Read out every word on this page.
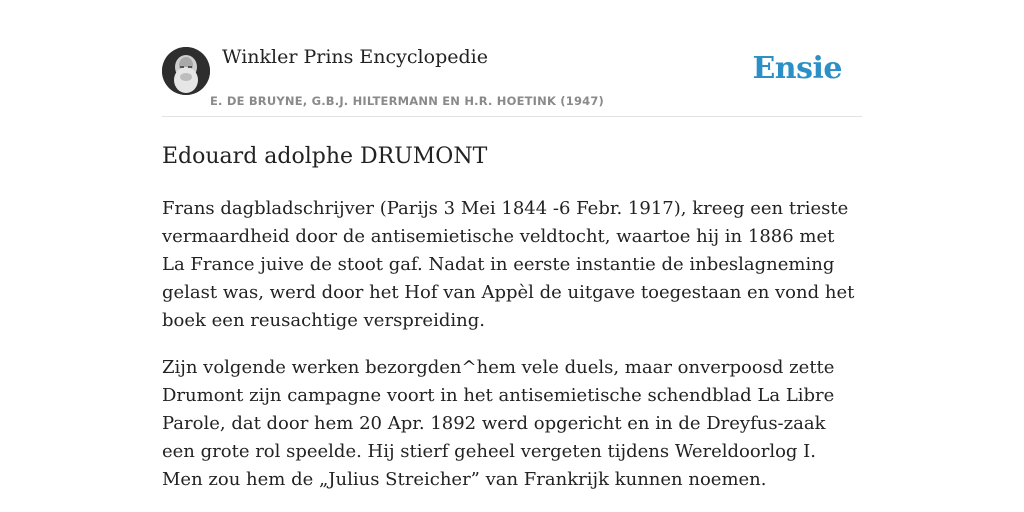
Winkler Prins Encyclopedie
E. DE BRUYNE, G.B.J. HILTERMANN EN H.R. HOETINK (1947)
Ensie
Edouard adolphe DRUMONT

Frans dagbladschrijver (Parijs 3 Mei 1844 -6 Febr. 1917), kreeg een trieste vermaardheid door de antisemietische veldtocht, waartoe hij in 1886 met La France juive de stoot gaf. Nadat in eerste instantie de inbeslagneming gelast was, werd door het Hof van Appèl de uitgave toegestaan en vond het boek een reusachtige verspreiding.

Zijn volgende werken bezorgden^hem vele duels, maar onverpoosd zette Drumont zijn campagne voort in het antisemietische schendblad La Libre Parole, dat door hem 20 Apr. 1892 werd opgericht en in de Dreyfus-zaak een grote rol speelde. Hij stierf geheel vergeten tijdens Wereldoorlog I. Men zou hem de „Julius Streicher” van Frankrijk kunnen noemen.
